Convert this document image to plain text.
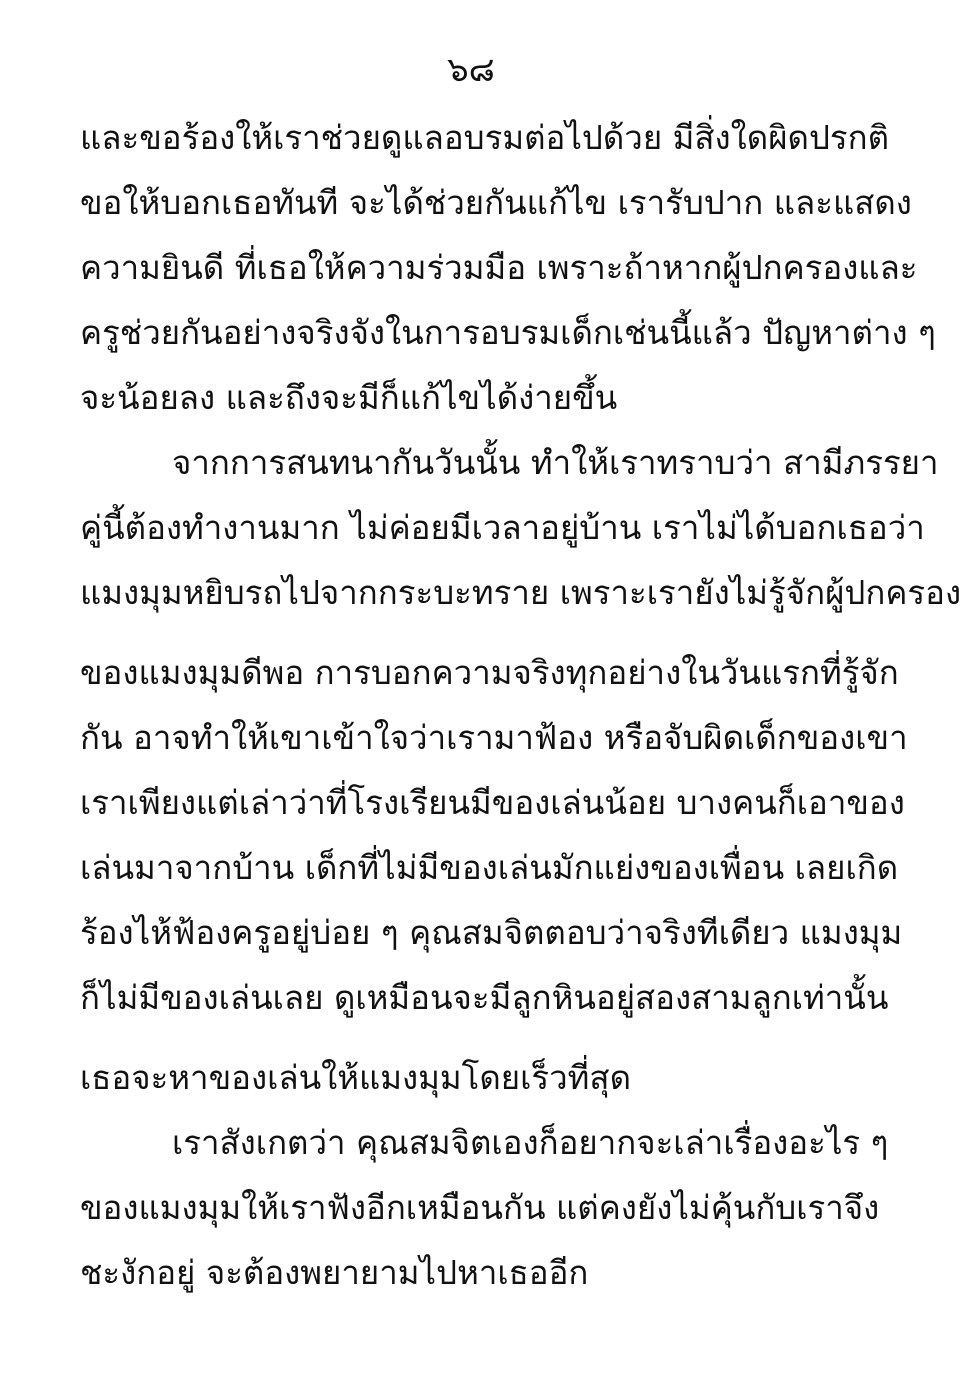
๖๘
และขอร้องให้เราช่วยดูแลอบรมต่อไปด้วย มีสิ่งใดผิดปรกติ
ขอให้บอกเธอทันที จะได้ช่วยกันแก้ไข เรารับปาก และแสดง
ความยินดี ที่เธอให้ความร่วมมือ เพราะถ้าหากผู้ปกครองและ
ครูช่วยกันอย่างจริงจังในการอบรมเด็กเช่นนี้แล้ว ปัญหาต่าง ๆ
จะน้อยลง และถึงจะมีก็แก้ไขได้ง่ายขึ้น
จากการสนทนากันวันนั้น ทำให้เราทราบว่า สามีภรรยา
คู่นี้ต้องทำงานมาก ไม่ค่อยมีเวลาอยู่บ้าน เราไม่ได้บอกเธอว่า
แมงมุมหยิบรถไปจากกระบะทราย เพราะเรายังไม่รู้จักผู้ปกครอง
ของแมงมุมดีพอ การบอกความจริงทุกอย่างในวันแรกที่รู้จัก
กัน อาจทำให้เขาเข้าใจว่าเรามาฟ้อง หรือจับผิดเด็กของเขา
เราเพียงแต่เล่าว่าที่โรงเรียนมีของเล่นน้อย บางคนก็เอาของ
เล่นมาจากบ้าน เด็กที่ไม่มีของเล่นมักแย่งของเพื่อน เลยเกิด
ร้องไห้ฟ้องครูอยู่บ่อย ๆ คุณสมจิตตอบว่าจริงทีเดียว แมงมุม
ก็ไม่มีของเล่นเลย ดูเหมือนจะมีลูกหินอยู่สองสามลูกเท่านั้น
เธอจะหาของเล่นให้แมงมุมโดยเร็วที่สุด
เราสังเกตว่า คุณสมจิตเองก็อยากจะเล่าเรื่องอะไร ๆ
ของแมงมุมให้เราฟังอีกเหมือนกัน แต่คงยังไม่คุ้นกับเราจึง
ชะงักอยู่ จะต้องพยายามไปหาเธออีก
